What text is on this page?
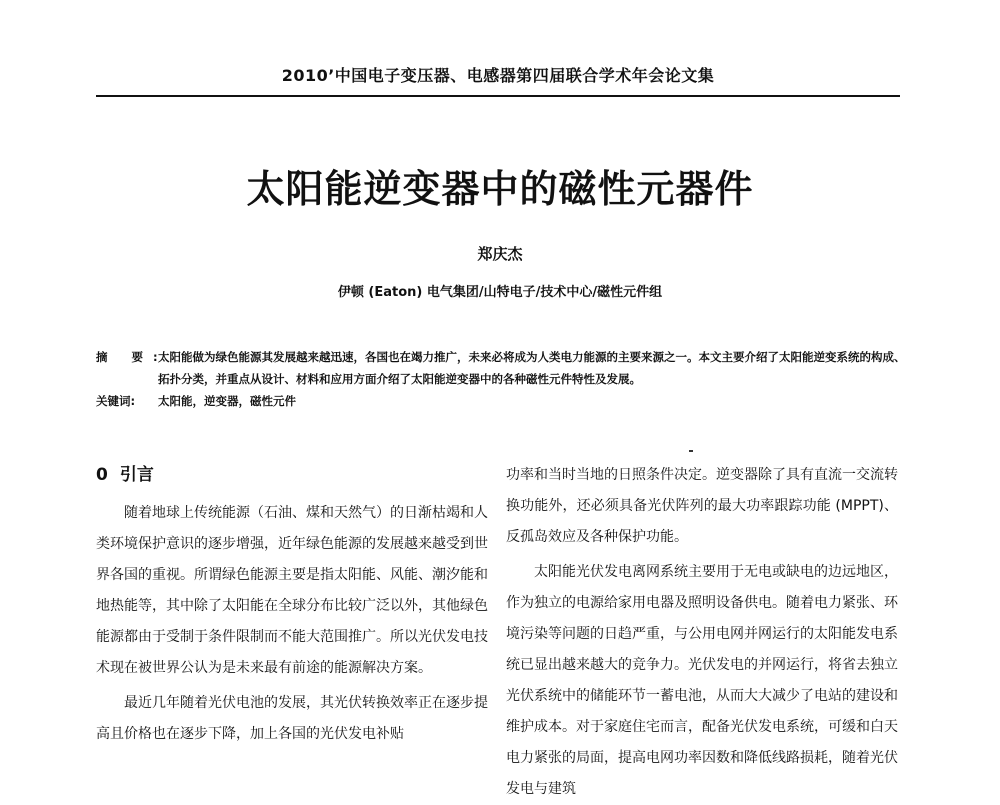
2010’中国电子变压器、电感器第四届联合学术年会论文集
太阳能逆变器中的磁性元器件
郑庆杰
伊顿 (Eaton) 电气集团/山特电子/技术中心/磁性元件组
摘 要:
太阳能做为绿色能源其发展越来越迅速，各国也在竭力推广，未来必将成为人类电力能源的主要来源之一。本文主要介绍了太阳能逆变系统的构成、拓扑分类，并重点从设计、材料和应用方面介绍了太阳能逆变器中的各种磁性元件特性及发展。
关键词:	太阳能，逆变器，磁性元件
0 引言

随着地球上传统能源（石油、煤和天然气）的日渐枯竭和人类环境保护意识的逐步增强，近年绿色能源的发展越来越受到世界各国的重视。所谓绿色能源主要是指太阳能、风能、潮汐能和地热能等，其中除了太阳能在全球分布比较广泛以外，其他绿色能源都由于受制于条件限制而不能大范围推广。所以光伏发电技术现在被世界公认为是未来最有前途的能源解决方案。

最近几年随着光伏电池的发展，其光伏转换效率正在逐步提高且价格也在逐步下降，加上各国的光伏发电补贴

功率和当时当地的日照条件决定。逆变器除了具有直流一交流转换功能外，还必须具备光伏阵列的最大功率跟踪功能 (MPPT)、反孤岛效应及各种保护功能。

太阳能光伏发电离网系统主要用于无电或缺电的边远地区，作为独立的电源给家用电器及照明设备供电。随着电力紧张、环境污染等问题的日趋严重，与公用电网并网运行的太阳能发电系统已显出越来越大的竞争力。光伏发电的并网运行，将省去独立光伏系统中的储能环节一蓄电池，从而大大减少了电站的建设和维护成本。对于家庭住宅而言，配备光伏发电系统，可缓和白天电力紧张的局面，提高电网功率因数和降低线路损耗，随着光伏发电与建筑
